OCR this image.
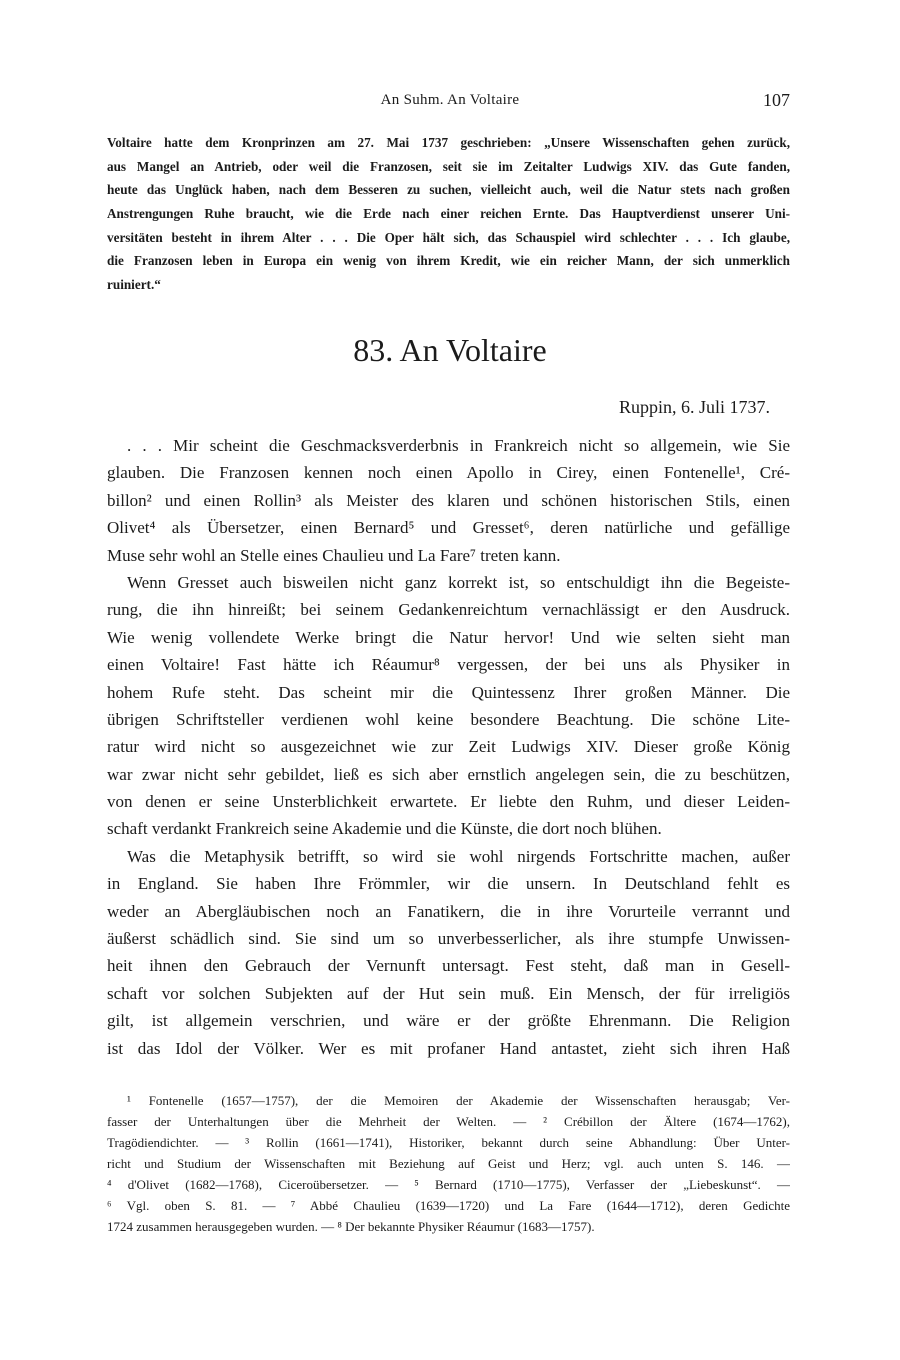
An Suhm. An Voltaire	107
Voltaire hatte dem Kronprinzen am 27. Mai 1737 geschrieben: „Unsere Wissenschaften gehen zurück,
aus Mangel an Antrieb, oder weil die Franzosen, seit sie im Zeitalter Ludwigs XIV. das Gute fanden,
heute das Unglück haben, nach dem Besseren zu suchen, vielleicht auch, weil die Natur stets nach großen
Anstrengungen Ruhe braucht, wie die Erde nach einer reichen Ernte. Das Hauptverdienst unserer Uni-
versitäten besteht in ihrem Alter . . . Die Oper hält sich, das Schauspiel wird schlechter . . . Ich glaube,
die Franzosen leben in Europa ein wenig von ihrem Kredit, wie ein reicher Mann, der sich unmerklich
ruiniert.“
83. An Voltaire
Ruppin, 6. Juli 1737.
. . . Mir scheint die Geschmacksverderbnis in Frankreich nicht so allgemein, wie Sie
glauben. Die Franzosen kennen noch einen Apollo in Cirey, einen Fontenelle¹, Cré-
billon² und einen Rollin³ als Meister des klaren und schönen historischen Stils, einen
Olivet⁴ als Übersetzer, einen Bernard⁵ und Gresset⁶, deren natürliche und gefällige
Muse sehr wohl an Stelle eines Chaulieu und La Fare⁷ treten kann.
Wenn Gresset auch bisweilen nicht ganz korrekt ist, so entschuldigt ihn die Begeiste-
rung, die ihn hinreißt; bei seinem Gedankenreichtum vernachlässigt er den Ausdruck.
Wie wenig vollendete Werke bringt die Natur hervor! Und wie selten sieht man
einen Voltaire! Fast hätte ich Réaumur⁸ vergessen, der bei uns als Physiker in
hohem Rufe steht. Das scheint mir die Quintessenz Ihrer großen Männer. Die
übrigen Schriftsteller verdienen wohl keine besondere Beachtung. Die schöne Lite-
ratur wird nicht so ausgezeichnet wie zur Zeit Ludwigs XIV. Dieser große König
war zwar nicht sehr gebildet, ließ es sich aber ernstlich angelegen sein, die zu beschützen,
von denen er seine Unsterblichkeit erwartete. Er liebte den Ruhm, und dieser Leiden-
schaft verdankt Frankreich seine Akademie und die Künste, die dort noch blühen.
Was die Metaphysik betrifft, so wird sie wohl nirgends Fortschritte machen, außer
in England. Sie haben Ihre Frömmler, wir die unsern. In Deutschland fehlt es
weder an Abergläubischen noch an Fanatikern, die in ihre Vorurteile verrannt und
äußerst schädlich sind. Sie sind um so unverbesserlicher, als ihre stumpfe Unwissen-
heit ihnen den Gebrauch der Vernunft untersagt. Fest steht, daß man in Gesell-
schaft vor solchen Subjekten auf der Hut sein muß. Ein Mensch, der für irreligiös
gilt, ist allgemein verschrien, und wäre er der größte Ehrenmann. Die Religion
ist das Idol der Völker. Wer es mit profaner Hand antastet, zieht sich ihren Haß
¹ Fontenelle (1657—1757), der die Memoiren der Akademie der Wissenschaften herausgab; Ver-
fasser der Unterhaltungen über die Mehrheit der Welten. — ² Crébillon der Ältere (1674—1762),
Tragödiendichter. — ³ Rollin (1661—1741), Historiker, bekannt durch seine Abhandlung: Über Unter-
richt und Studium der Wissenschaften mit Beziehung auf Geist und Herz; vgl. auch unten S. 146. —
⁴ d'Olivet (1682—1768), Ciceroübersetzer. — ⁵ Bernard (1710—1775), Verfasser der „Liebeskunst“. —
⁶ Vgl. oben S. 81. — ⁷ Abbé Chaulieu (1639—1720) und La Fare (1644—1712), deren Gedichte
1724 zusammen herausgegeben wurden. — ⁸ Der bekannte Physiker Réaumur (1683—1757).
